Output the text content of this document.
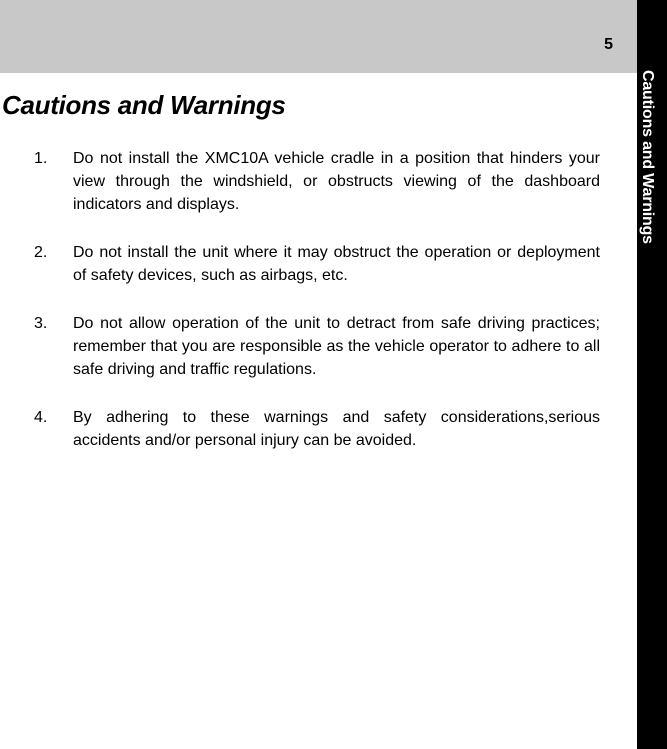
5
Cautions and Warnings
Cautions and Warnings
1. Do not install the XMC10A vehicle cradle in a position that hinders your view through the windshield, or obstructs viewing of the dashboard indicators and displays.
2. Do not install the unit where it may obstruct the operation or deployment of safety devices, such as airbags, etc.
3. Do not allow operation of the unit to detract from safe driving practices; remember that you are responsible as the vehicle operator to adhere to all safe driving and traffic regulations.
4. By adhering to these warnings and safety considerations,serious accidents and/or personal injury can be avoided.
